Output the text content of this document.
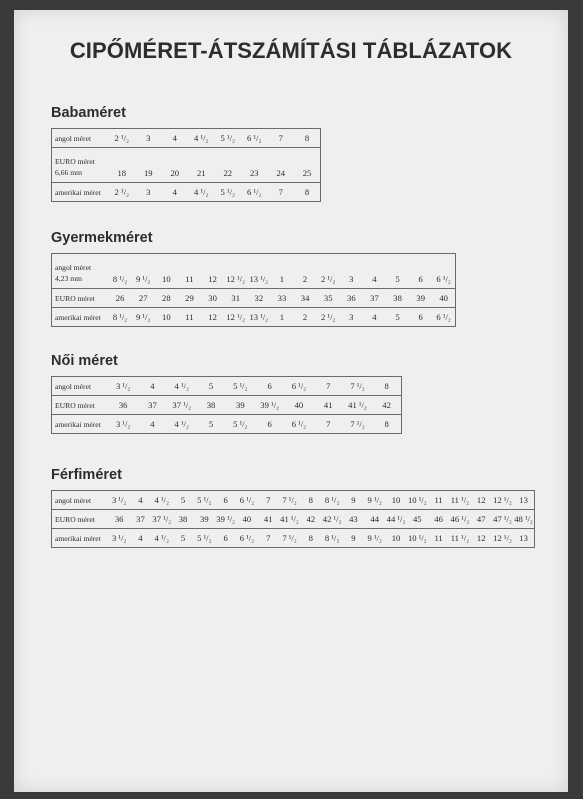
CIPŐMÉRET-ÁTSZÁMÍTÁSI TÁBLÁZATOK
Babaméret
angol méret	2 ¹/₂	3	4	4 ¹/₂	5 ¹/₂	6 ¹/₂	7	8

EURO méret
6,66 mm	18	19	20	21	22	23	24	25

amerikai méret	2 ¹/₂	3	4	4 ¹/₂	5 ¹/₂	6 ¹/₂	7	8
Gyermekméret
angol méret
4,23 mm	8 ¹/₂	9 ¹/₂	10	11	12	12 ¹/₂	13 ¹/₂	1	2	2 ¹/₂	3	4	5	6	6 ¹/₂

EURO méret	26	27	28	29	30	31	32	33	34	35	36	37	38	39	40

amerikai méret	8 ¹/₂	9 ¹/₂	10	11	12	12 ¹/₂	13 ¹/₂	1	2	2 ¹/₂	3	4	5	6	6 ¹/₂
Női méret
angol méret	3 ¹/₂	4	4 ¹/₂	5	5 ¹/₂	6	6 ¹/₂	7	7 ¹/₂	8

EURO méret	36	37	37 ¹/₂	38	39	39 ¹/₂	40	41	41 ¹/₂	42

amerikai méret	3 ¹/₂	4	4 ¹/₂	5	5 ¹/₂	6	6 ¹/₂	7	7 ¹/₂	8
Férfiméret
angol méret	3 ¹/₂	4	4 ¹/₂	5	5 ¹/₂	6	6 ¹/₂	7	7 ¹/₂	8	8 ¹/₂	9	9 ¹/₂	10	10 ¹/₂	11	11 ¹/₂	12	12 ¹/₂	13

EURO méret	36	37	37 ¹/₂	38	39	39 ¹/₂	40	41	41 ¹/₂	42	42 ¹/₂	43	44	44 ¹/₂	45	46	46 ¹/₂	47	47 ¹/₂	48 ¹/₂

amerikai méret	3 ¹/₂	4	4 ¹/₂	5	5 ¹/₂	6	6 ¹/₂	7	7 ¹/₂	8	8 ¹/₂	9	9 ¹/₂	10	10 ¹/₂	11	11 ¹/₂	12	12 ¹/₂	13
